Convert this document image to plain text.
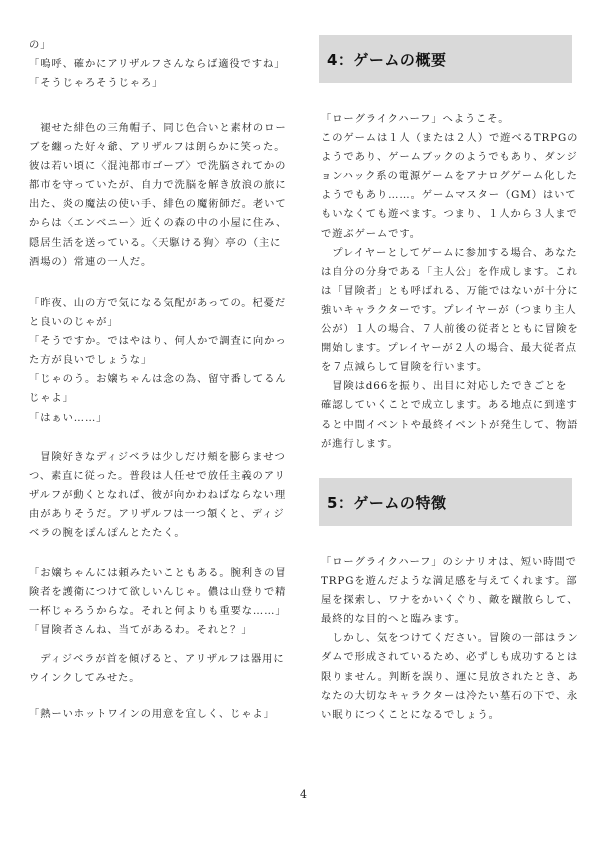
の」
「嗚呼、確かにアリザルフさんならば適役ですね」
「そうじゃろそうじゃろ」

　褪せた緋色の三角帽子、同じ色合いと素材のロー
ブを纏った好々爺、アリザルフは朗らかに笑った。
彼は若い頃に〈混沌都市ゴーブ〉で洗脳されてかの
都市を守っていたが、自力で洗脳を解き放浪の旅に
出た、炎の魔法の使い手、緋色の魔術師だ。老いて
からは〈エンベニー〉近くの森の中の小屋に住み、
隠居生活を送っている。〈天駆ける狗〉亭の（主に
酒場の）常連の一人だ。

「昨夜、山の方で気になる気配があっての。杞憂だ
と良いのじゃが」
「そうですか。ではやはり、何人かで調査に向かっ
た方が良いでしょうな」
「じゃのう。お嬢ちゃんは念の為、留守番してるん
じゃよ」
「はぁい……」

　冒険好きなディジベラは少しだけ頬を膨らませつ
つ、素直に従った。普段は人任せで放任主義のアリ
ザルフが動くとなれば、彼が向かわねばならない理
由がありそうだ。アリザルフは一つ頷くと、ディジ
ベラの腕をぽんぽんとたたく。

「お嬢ちゃんには頼みたいこともある。腕利きの冒
険者を護衛につけて欲しいんじゃ。儂は山登りで精
一杯じゃろうからな。それと何よりも重要な……」
「冒険者さんね、当てがあるわ。それと？」

　ディジベラが首を傾げると、アリザルフは器用に
ウインクしてみせた。

「熱ーいホットワインの用意を宜しく、じゃよ」

4：ゲームの概要

「ローグライクハーフ」へようこそ。
このゲームは１人（または２人）で遊べるTRPGの
ようであり、ゲームブックのようでもあり、ダンジ
ョンハック系の電源ゲームをアナログゲーム化した
ようでもあり……。ゲームマスター（GM）はいて
もいなくても遊べます。つまり、１人から３人まで
で遊ぶゲームです。
　プレイヤーとしてゲームに参加する場合、あなた
は自分の分身である「主人公」を作成します。これ
は「冒険者」とも呼ばれる、万能ではないが十分に
強いキャラクターです。プレイヤーが（つまり主人
公が）１人の場合、７人前後の従者とともに冒険を
開始します。プレイヤーが２人の場合、最大従者点
を７点減らして冒険を行います。
　冒険はd66を振り、出目に対応したできごとを
確認していくことで成立します。ある地点に到達す
ると中間イベントや最終イベントが発生して、物語
が進行します。

5：ゲームの特徴

「ローグライクハーフ」のシナリオは、短い時間で
TRPGを遊んだような満足感を与えてくれます。部
屋を探索し、ワナをかいくぐり、敵を蹴散らして、
最終的な目的へと臨みます。
　しかし、気をつけてください。冒険の一部はラン
ダムで形成されているため、必ずしも成功するとは
限りません。判断を誤り、運に見放されたとき、あ
なたの大切なキャラクターは冷たい墓石の下で、永
い眠りにつくことになるでしょう。

4
